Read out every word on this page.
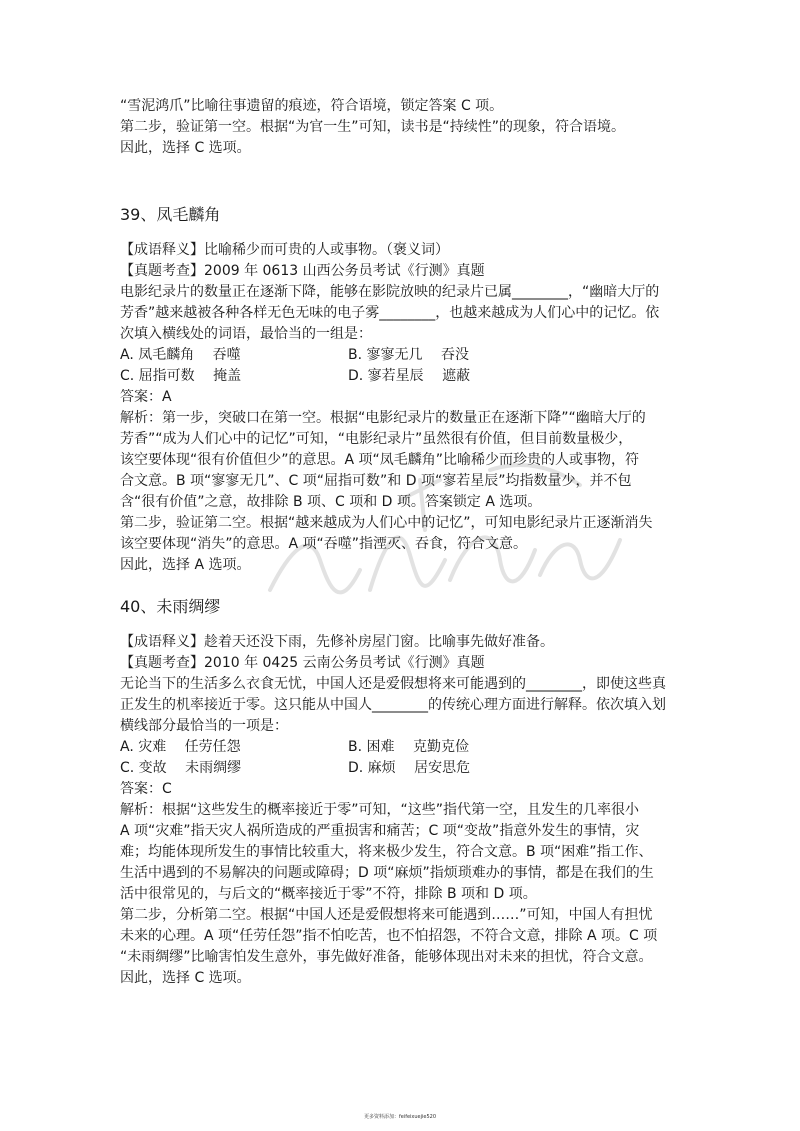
“雪泥鸿爪”比喻往事遗留的痕迹，符合语境，锁定答案 C 项。

第二步，验证第一空。根据“为官一生”可知，读书是“持续性”的现象，符合语境。

因此，选择 C 选项。

39、凤毛麟角

【成语释义】比喻稀少而可贵的人或事物。（褒义词）

【真题考查】2009 年 0613 山西公务员考试《行测》真题

电影纪录片的数量正在逐渐下降，能够在影院放映的纪录片已属________，“幽暗大厅的

芳香”越来越被各种各样无色无味的电子雾________，也越来越成为人们心中的记忆。依

次填入横线处的词语，最恰当的一组是：

A. 凤毛麟角　 吞噬	B. 寥寥无几　 吞没
C. 屈指可数　 掩盖	D. 寥若星辰　 遮蔽

答案：A

解析：第一步，突破口在第一空。根据“电影纪录片的数量正在逐渐下降”“幽暗大厅的

芳香”“成为人们心中的记忆”可知，“电影纪录片”虽然很有价值，但目前数量极少，

该空要体现“很有价值但少”的意思。A 项“凤毛麟角”比喻稀少而珍贵的人或事物，符

合文意。B 项“寥寥无几”、C 项“屈指可数”和 D 项“寥若星辰”均指数量少，并不包

含“很有价值”之意，故排除 B 项、C 项和 D 项。答案锁定 A 选项。

第二步，验证第二空。根据“越来越成为人们心中的记忆”，可知电影纪录片正逐渐消失

该空要体现“消失”的意思。A 项“吞噬”指湮灭、吞食，符合文意。

因此，选择 A 选项。

40、未雨绸缪

【成语释义】趁着天还没下雨，先修补房屋门窗。比喻事先做好准备。

【真题考查】2010 年 0425 云南公务员考试《行测》真题

无论当下的生活多么衣食无忧，中国人还是爱假想将来可能遇到的________，即使这些真

正发生的机率接近于零。这只能从中国人________的传统心理方面进行解释。依次填入划

横线部分最恰当的一项是：

A. 灾难　 任劳任怨	B. 困难　 克勤克俭
C. 变故　 未雨绸缪	D. 麻烦　 居安思危

答案：C

解析：根据“这些发生的概率接近于零”可知，“这些”指代第一空，且发生的几率很小

A 项“灾难”指天灾人祸所造成的严重损害和痛苦；C 项“变故”指意外发生的事情，灾

难；均能体现所发生的事情比较重大，将来极少发生，符合文意。B 项“困难”指工作、

生活中遇到的不易解决的问题或障碍；D 项“麻烦”指烦琐难办的事情，都是在我们的生

活中很常见的，与后文的“概率接近于零”不符，排除 B 项和 D 项。

第二步，分析第二空。根据“中国人还是爱假想将来可能遇到……”可知，中国人有担忧

未来的心理。A 项“任劳任怨”指不怕吃苦，也不怕招怨，不符合文意，排除 A 项。C 项

“未雨绸缪”比喻害怕发生意外，事先做好准备，能够体现出对未来的担忧，符合文意。

因此，选择 C 选项。

更多资料添加：feifeixuejie520
